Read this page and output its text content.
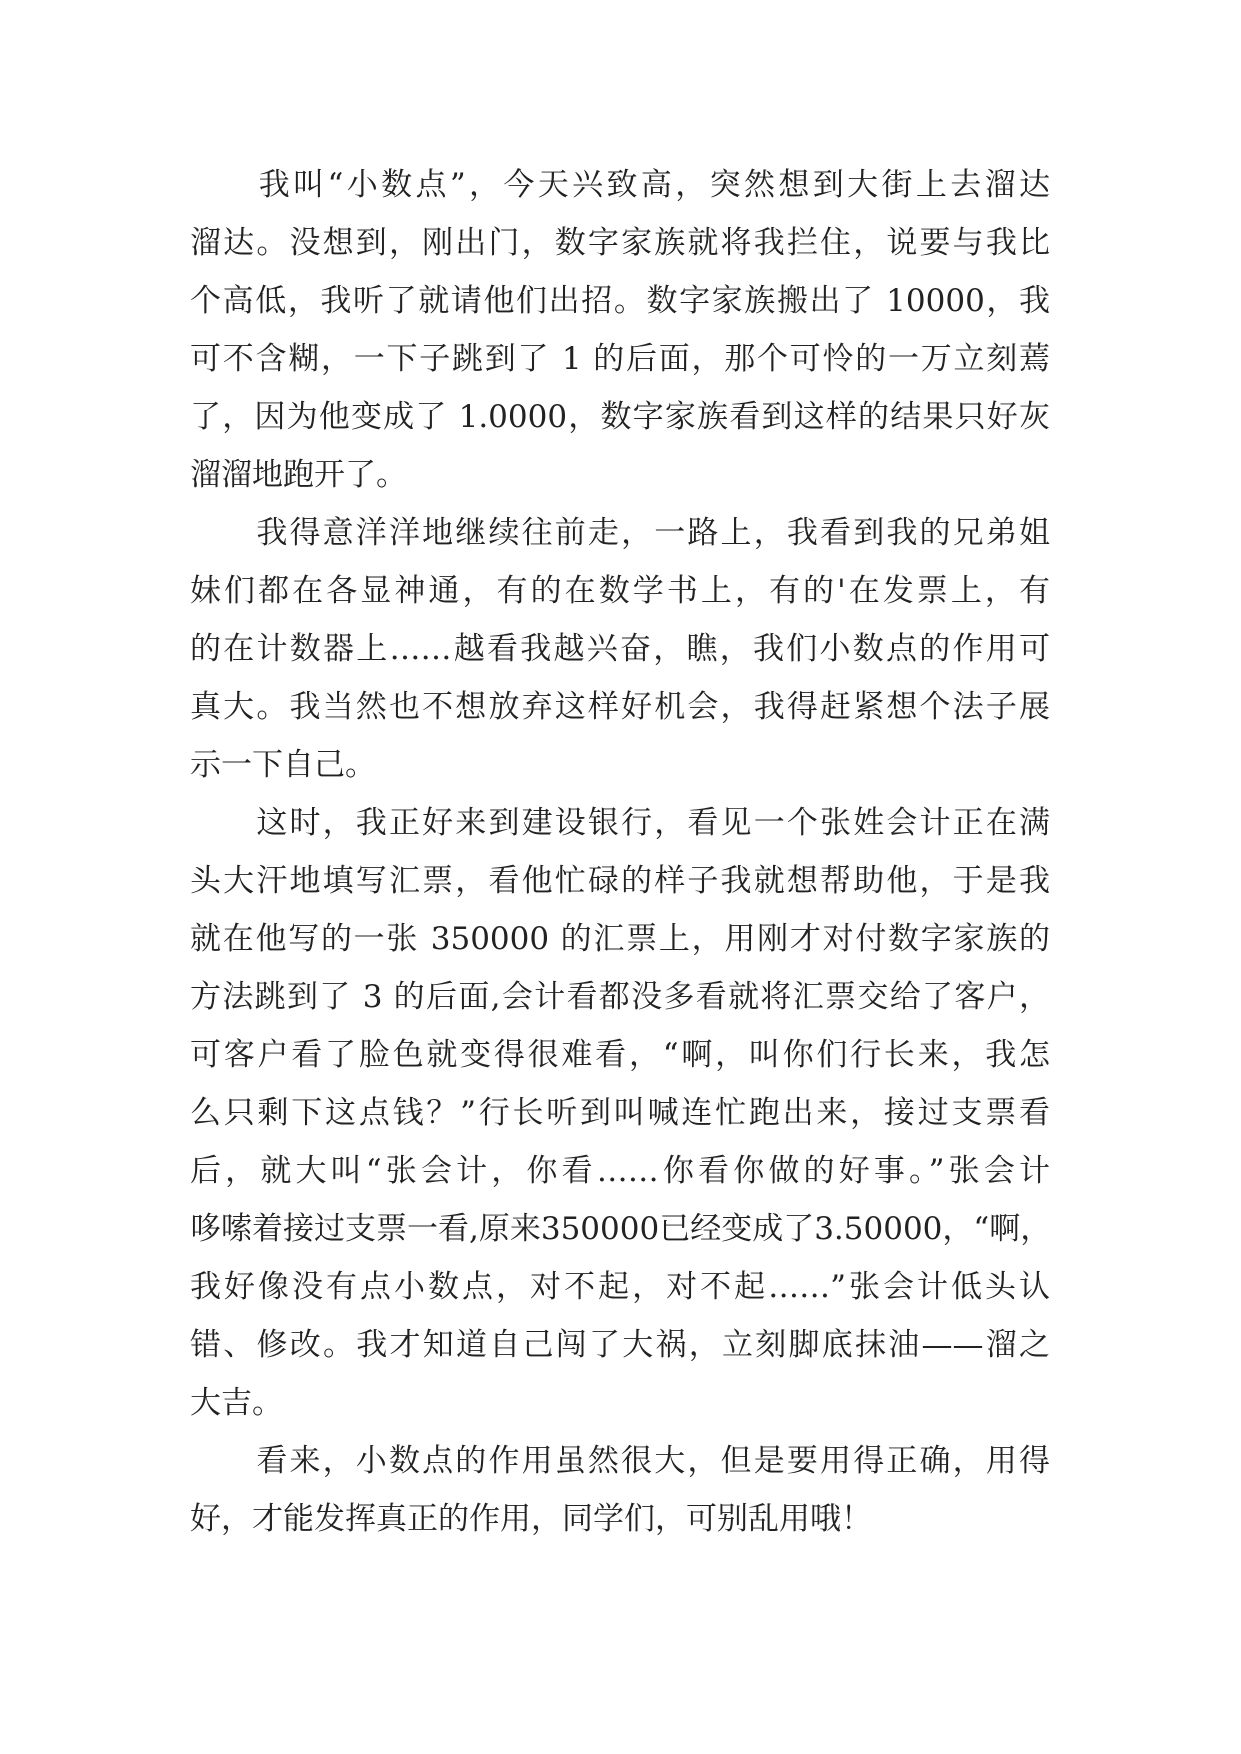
　　我叫“小数点”，今天兴致高，突然想到大街上去溜达
溜达。没想到，刚出门，数字家族就将我拦住，说要与我比
个高低，我听了就请他们出招。数字家族搬出了 10000，我
可不含糊，一下子跳到了 1 的后面，那个可怜的一万立刻蔫
了，因为他变成了 1.0000，数字家族看到这样的结果只好灰
溜溜地跑开了。
　　我得意洋洋地继续往前走，一路上，我看到我的兄弟姐
妹们都在各显神通，有的在数学书上，有的'在发票上，有
的在计数器上……越看我越兴奋，瞧，我们小数点的作用可
真大。我当然也不想放弃这样好机会，我得赶紧想个法子展
示一下自己。
　　这时，我正好来到建设银行，看见一个张姓会计正在满
头大汗地填写汇票，看他忙碌的样子我就想帮助他，于是我
就在他写的一张 350000 的汇票上，用刚才对付数字家族的
方法跳到了 3 的后面,会计看都没多看就将汇票交给了客户，
可客户看了脸色就变得很难看，“啊，叫你们行长来，我怎
么只剩下这点钱？”行长听到叫喊连忙跑出来，接过支票看
后，就大叫“张会计，你看……你看你做的好事。”张会计
哆嗦着接过支票一看,原来350000已经变成了3.50000，“啊，
我好像没有点小数点，对不起，对不起……”张会计低头认
错、修改。我才知道自己闯了大祸，立刻脚底抹油——溜之
大吉。
　　看来，小数点的作用虽然很大，但是要用得正确，用得
好，才能发挥真正的作用，同学们，可别乱用哦！
